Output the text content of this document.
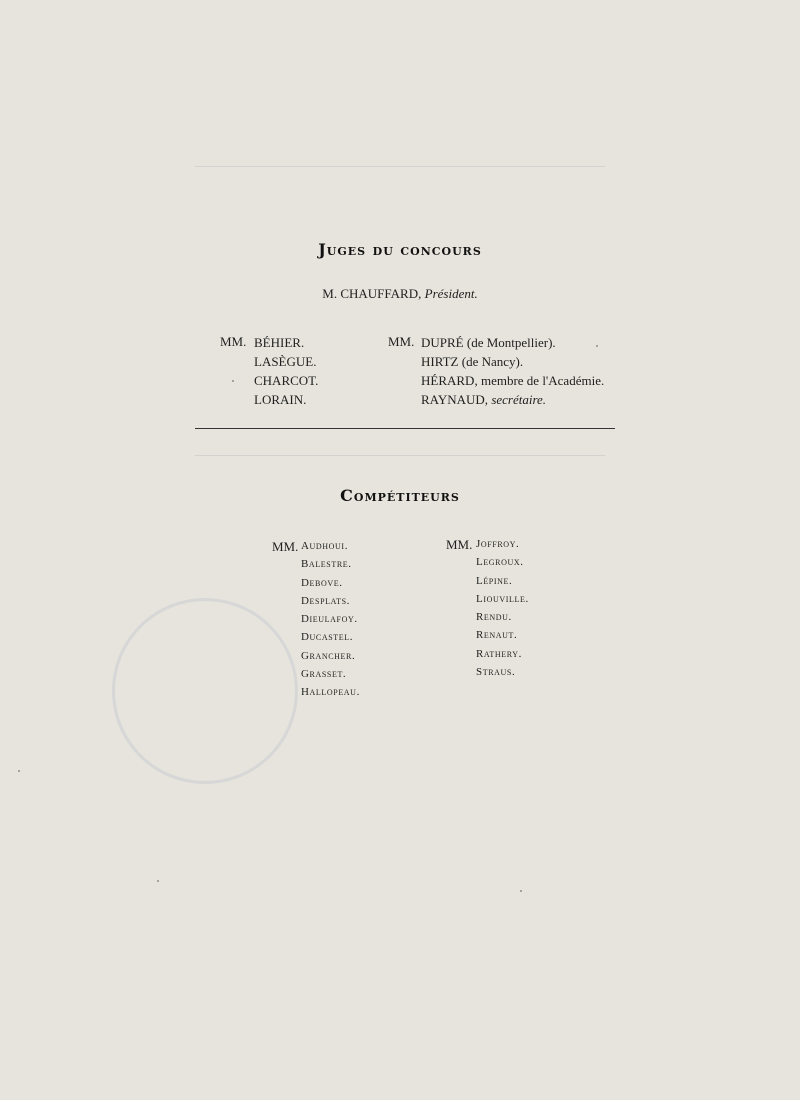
Juges du concours
M. CHAUFFARD, Président.
MM. BÉHIER.
LASÈGUE.
CHARCOT.
LORAIN.
MM. DUPRÉ (de Montpellier).
HIRTZ (de Nancy).
HÉRARD, membre de l'Académie.
RAYNAUD, secrétaire.
Compétiteurs
MM. Audhoui.
Balestre.
Debove.
Desplats.
Dieulafoy.
Ducastel.
Grancher.
Grasset.
Hallopeau.
MM. Joffroy.
Legroux.
Lépine.
Liouville.
Rendu.
Renaut.
Rathery.
Straus.
